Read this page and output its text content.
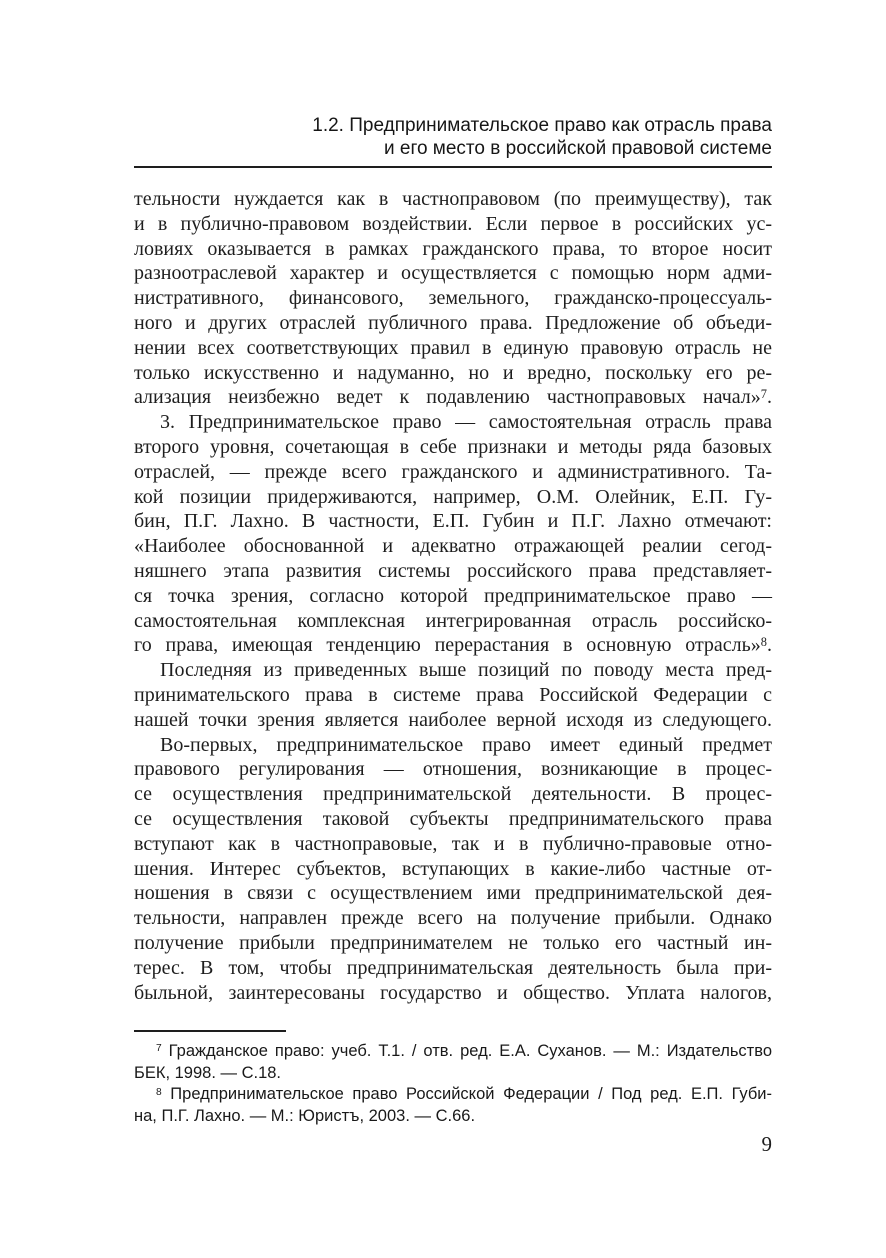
1.2. Предпринимательское право как отрасль права
и его место в российской правовой системе
тельности нуждается как в частноправовом (по преимуществу), так
и в публично-правовом воздействии. Если первое в российских ус-
ловиях оказывается в рамках гражданского права, то второе носит
разноотраслевой характер и осуществляется с помощью норм адми-
нистративного, финансового, земельного, гражданско-процессуаль-
ного и других отраслей публичного права. Предложение об объеди-
нении всех соответствующих правил в единую правовую отрасль не
только искусственно и надуманно, но и вредно, поскольку его ре-
ализация неизбежно ведет к подавлению частноправовых начал»$^7$.
3. Предпринимательское право — самостоятельная отрасль права
второго уровня, сочетающая в себе признаки и методы ряда базовых
отраслей, — прежде всего гражданского и административного. Та-
кой позиции придерживаются, например, О.М. Олейник, Е.П. Гу-
бин, П.Г. Лахно. В частности, Е.П. Губин и П.Г. Лахно отмечают:
«Наиболее обоснованной и адекватно отражающей реалии сегод-
няшнего этапа развития системы российского права представляет-
ся точка зрения, согласно которой предпринимательское право —
самостоятельная комплексная интегрированная отрасль российско-
го права, имеющая тенденцию перерастания в основную отрасль»$^8$.
Последняя из приведенных выше позиций по поводу места пред-
принимательского права в системе права Российской Федерации с
нашей точки зрения является наиболее верной исходя из следующего.
Во-первых, предпринимательское право имеет единый предмет
правового регулирования — отношения, возникающие в процес-
се осуществления предпринимательской деятельности. В процес-
се осуществления таковой субъекты предпринимательского права
вступают как в частноправовые, так и в публично-правовые отно-
шения. Интерес субъектов, вступающих в какие-либо частные от-
ношения в связи с осуществлением ими предпринимательской дея-
тельности, направлен прежде всего на получение прибыли. Однако
получение прибыли предпринимателем не только его частный ин-
терес. В том, чтобы предпринимательская деятельность была при-
быльной, заинтересованы государство и общество. Уплата налогов,
$^7$ Гражданское право: учеб. Т.1. / отв. ред. Е.А. Суханов. — М.: Издательство
БЕК, 1998. — С.18.
$^8$ Предпринимательское право Российской Федерации / Под ред. Е.П. Губи-
на, П.Г. Лахно. — М.: Юристъ, 2003. — С.66.
9
